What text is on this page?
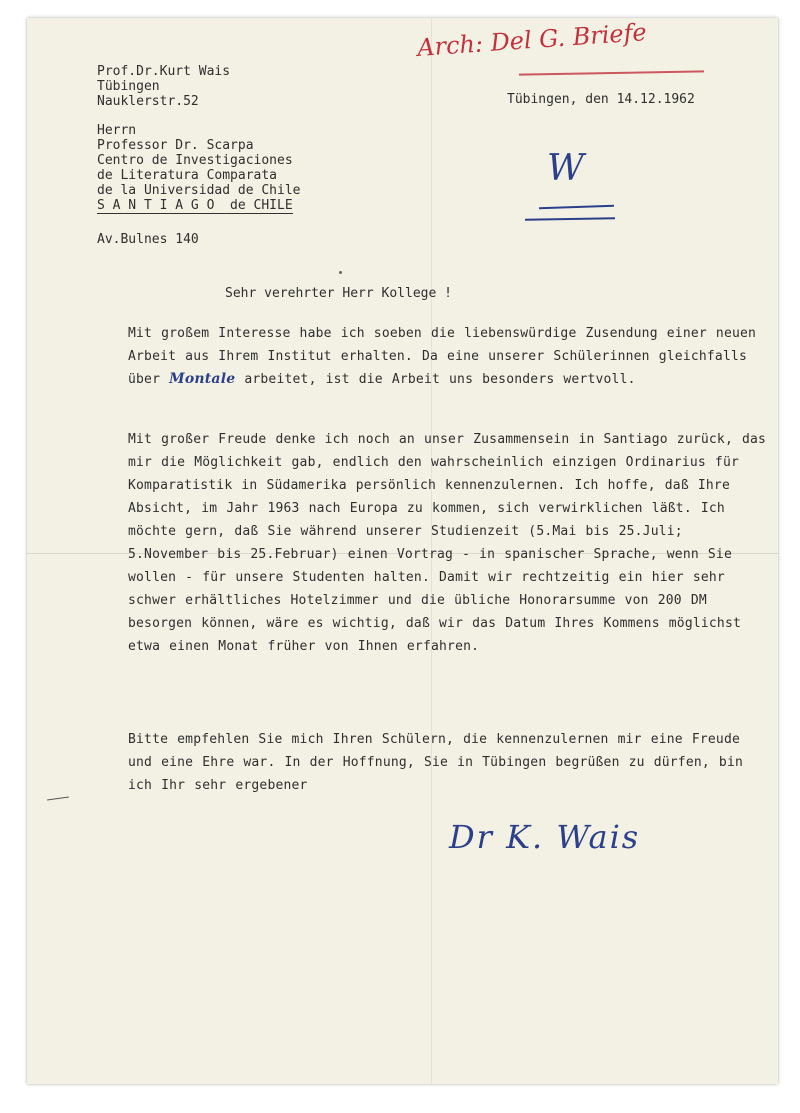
Arch: Del G. Briefe
Prof.Dr.Kurt Wais
Tübingen
Nauklerstr.52	Tübingen, den 14.12.1962
Herrn
Professor Dr. Scarpa
Centro de Investigaciones
de Literatura Comparata
de la Universidad de Chile
S A N T I A G O  de CHILE
Av.Bulnes 140
W
Sehr verehrter Herr Kollege !
Mit großem Interesse habe ich soeben die liebenswürdige Zusendung einer neuen Arbeit aus Ihrem Institut erhalten. Da eine unserer Schülerinnen gleichfalls über Montale arbeitet, ist die Arbeit uns besonders wertvoll.
Mit großer Freude denke ich noch an unser Zusammensein in Santiago zurück, das mir die Möglichkeit gab, endlich den wahrscheinlich einzigen Ordinarius für Komparatistik in Südamerika persönlich kennenzulernen. Ich hoffe, daß Ihre Absicht, im Jahr 1963 nach Europa zu kommen, sich verwirklichen läßt. Ich möchte gern, daß Sie während unserer Studienzeit (5.Mai bis 25.Juli; 5.November bis 25.Februar) einen Vortrag - in spanischer Sprache, wenn Sie wollen - für unsere Studenten halten. Damit wir rechtzeitig ein hier sehr schwer erhältliches Hotelzimmer und die übliche Honorarsumme von 200 DM besorgen können, wäre es wichtig, daß wir das Datum Ihres Kommens möglichst etwa einen Monat früher von Ihnen erfahren.
Bitte empfehlen Sie mich Ihren Schülern, die kennenzulernen mir eine Freude und eine Ehre war. In der Hoffnung, Sie in Tübingen begrüßen zu dürfen, bin ich Ihr sehr ergebener
Dr K. Wais
